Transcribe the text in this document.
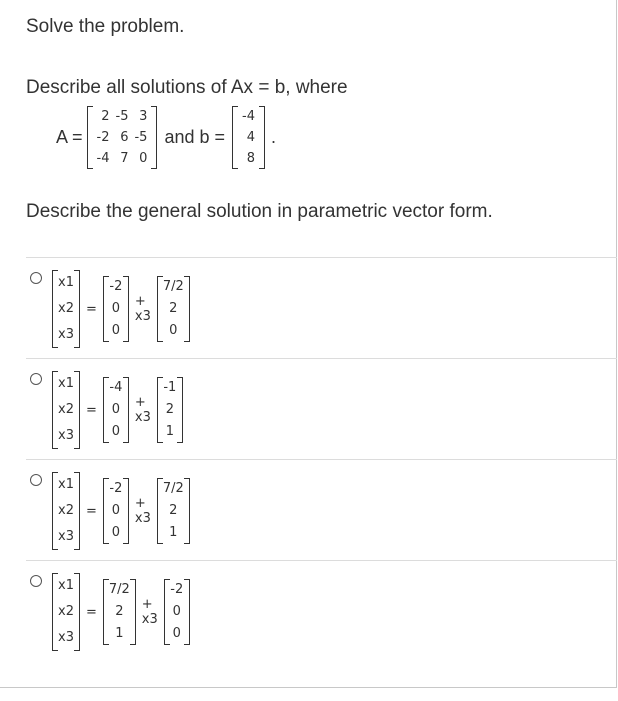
Solve the problem.
Describe all solutions of Ax = b, where
A =
2	-5	3
-2	6	-5
-4	7	0
and b =
-4
4
8
.
Describe the general solution in parametric vector form.
x1
x2
x3
=
-2
0
0
+ x3
7/2
2
0
x1
x2
x3
=
-4
0
0
+ x3
-1
2
1
x1
x2
x3
=
-2
0
0
+ x3
7/2
2
1
x1
x2
x3
=
7/2
2
1
+ x3
-2
0
0
